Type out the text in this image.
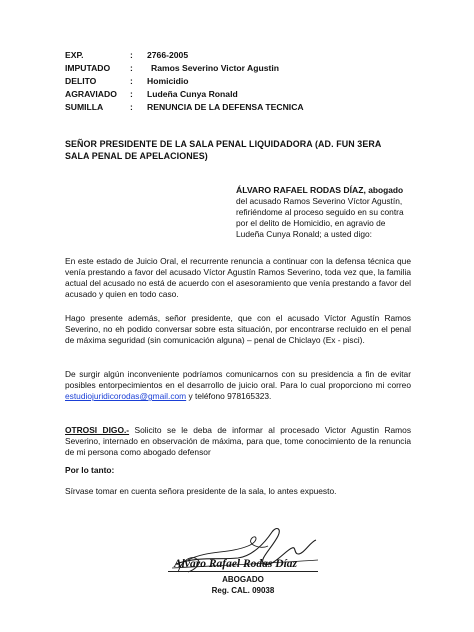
EXP.	: 2766-2005
IMPUTADO : Ramos Severino Victor Agustin
DELITO	: Homicidio
AGRAVIADO : Ludeña Cunya Ronald
SUMILLA	: RENUNCIA DE LA DEFENSA TECNICA
SEÑOR PRESIDENTE DE LA SALA PENAL LIQUIDADORA (AD. FUN 3ERA
SALA PENAL DE APELACIONES)
ÁLVARO RAFAEL RODAS DÍAZ, abogado
del acusado Ramos Severino Víctor Agustín,
refiriéndome al proceso seguido en su contra
por el delito de Homicidio, en agravio de
Ludeña Cunya Ronald; a usted digo:
En este estado de Juicio Oral, el recurrente renuncia a continuar con la defensa técnica que venía prestando a favor del acusado Víctor Agustín Ramos Severino, toda vez que, la familia actual del acusado no está de acuerdo con el asesoramiento que venía prestando a favor del acusado y quien en todo caso.
Hago presente además, señor presidente, que con el acusado Víctor Agustín Ramos Severino, no eh podido conversar sobre esta situación, por encontrarse recluido en el penal de máxima seguridad (sin comunicación alguna) – penal de Chiclayo (Ex - pisci).
De surgir algún inconveniente podríamos comunicarnos con su presidencia a fin de evitar posibles entorpecimientos en el desarrollo de juicio oral. Para lo cual proporciono mi correo estudiojuridicorodas@gmail.com y teléfono 978165323.
OTROSI DIGO.- Solicito se le deba de informar al procesado Victor Agustin Ramos Severino, internado en observación de máxima, para que, tome conocimiento de la renuncia de mi persona como abogado defensor
Por lo tanto:
Sírvase tomar en cuenta señora presidente de la sala, lo antes expuesto.
Alvaro Rafael Rodas Díaz
ABOGADO
Reg. CAL. 09038
